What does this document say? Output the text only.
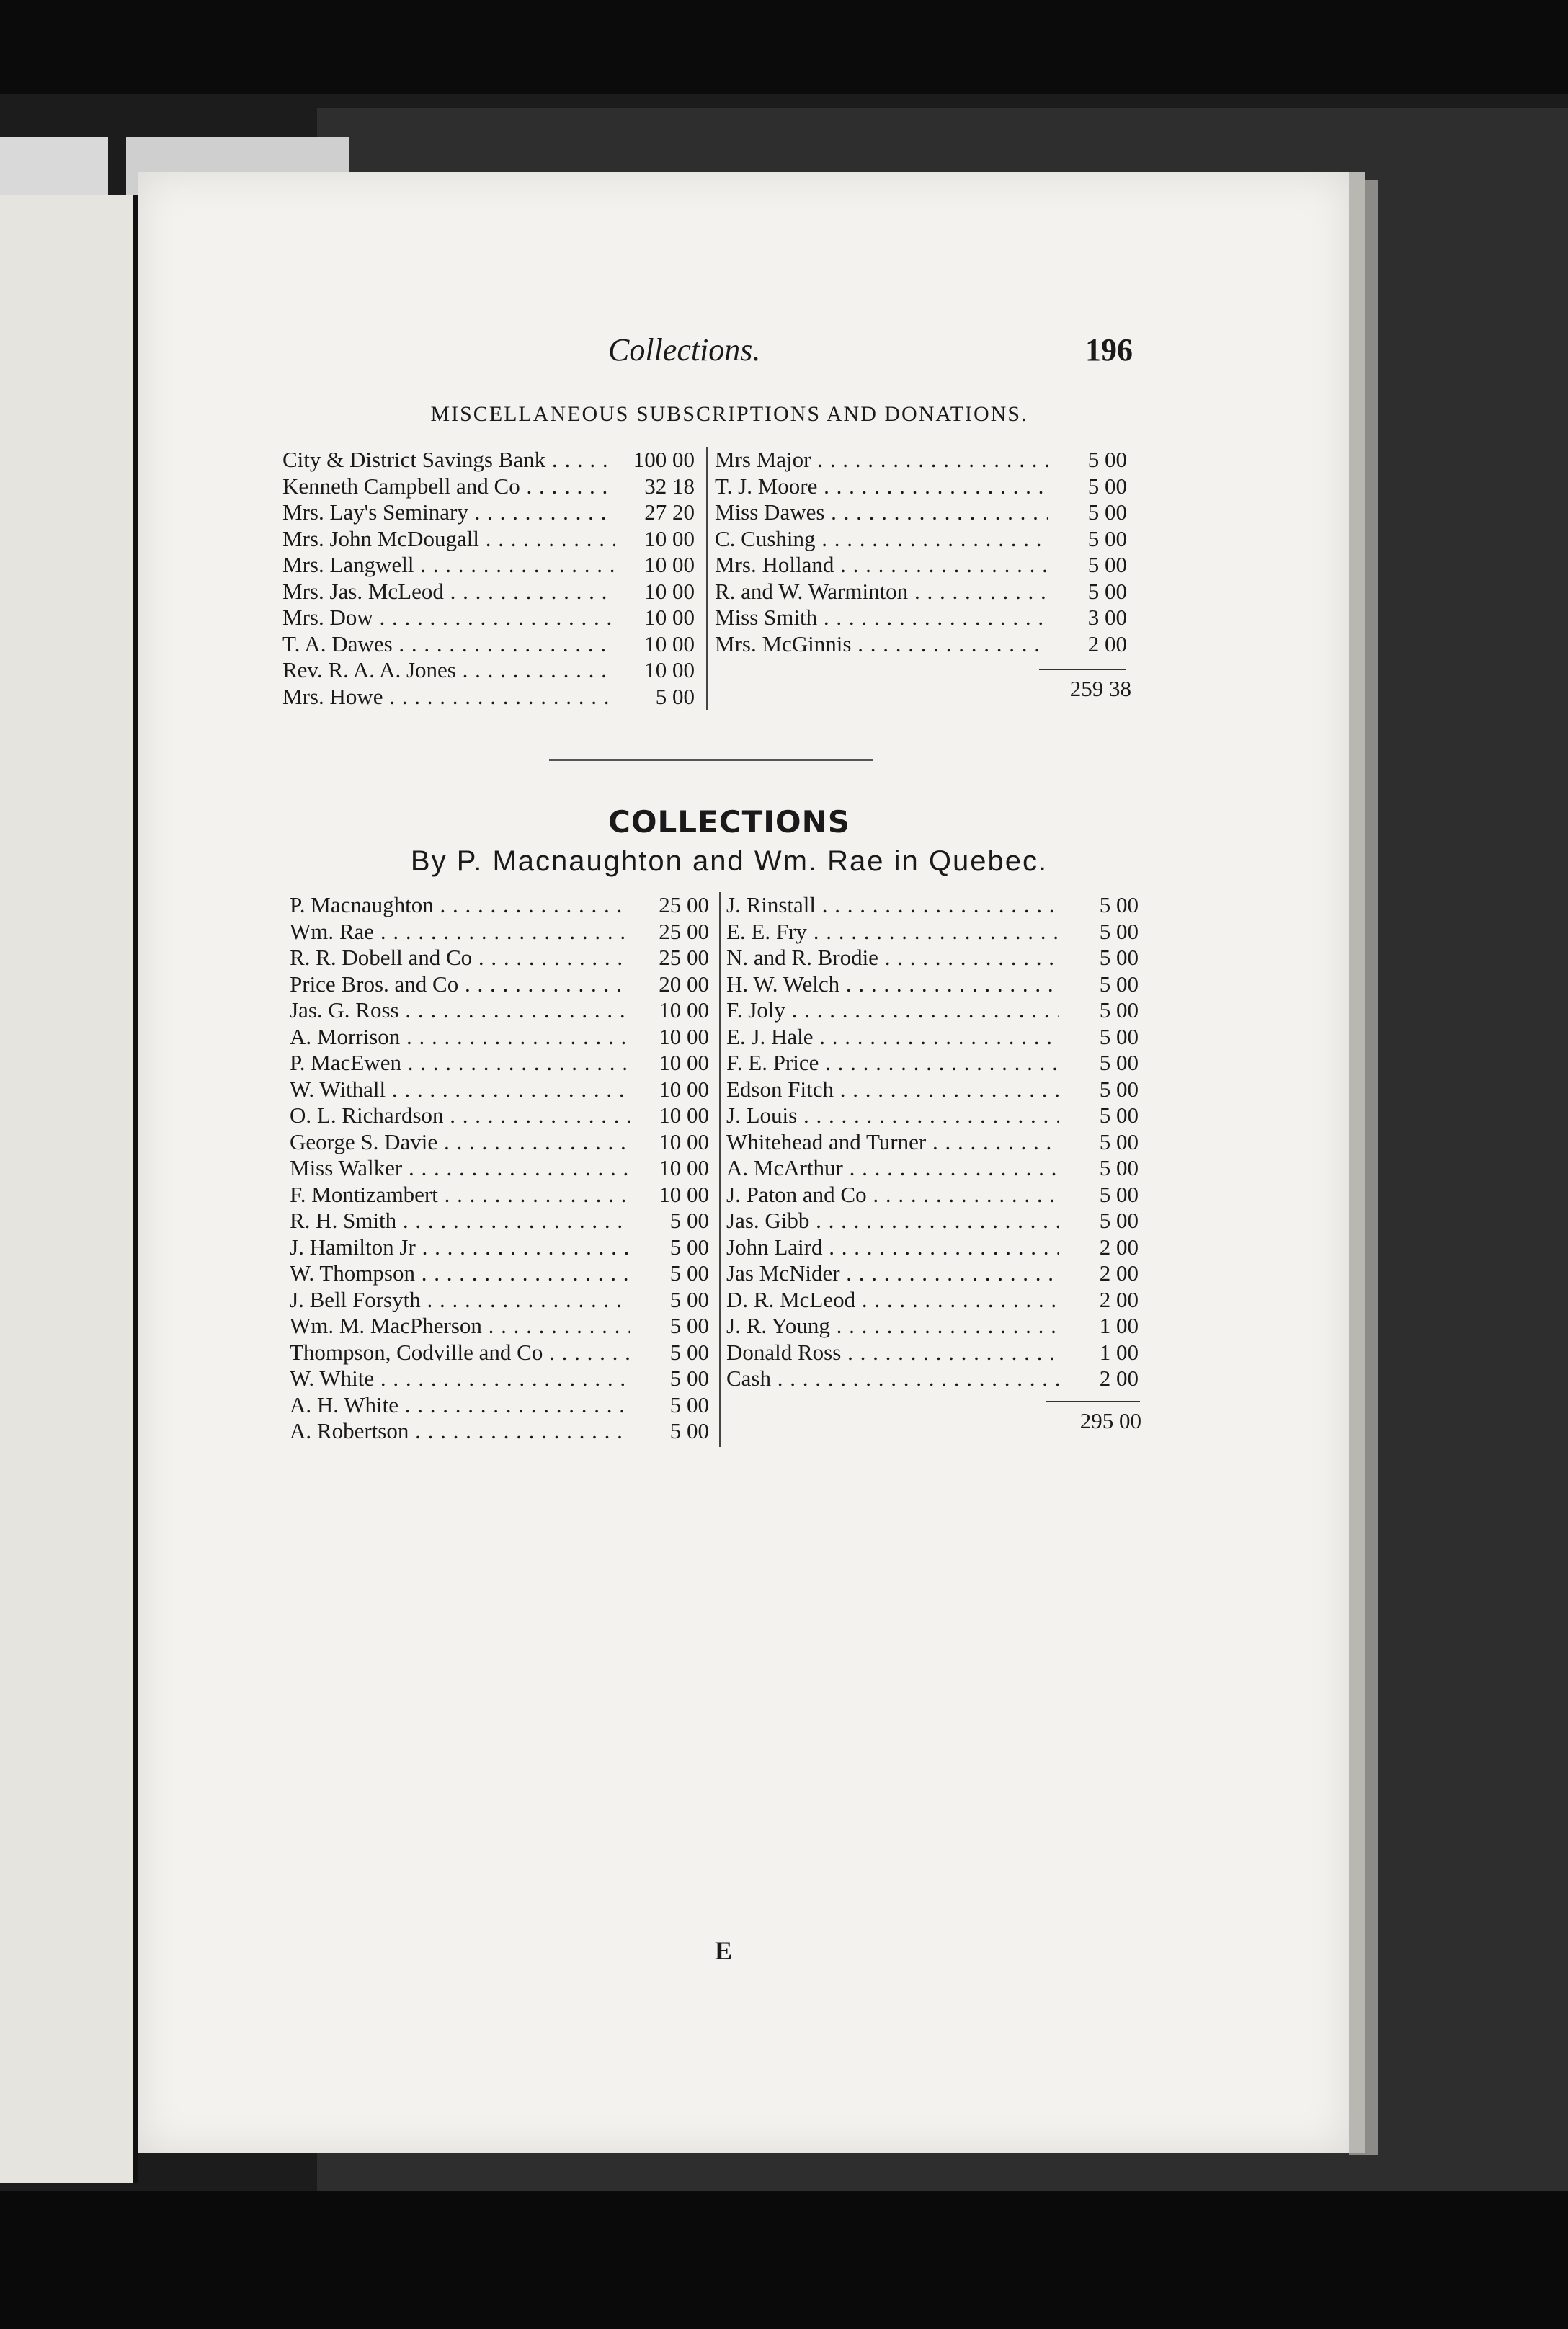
Collections.	196
MISCELLANEOUS SUBSCRIPTIONS AND DONATIONS.
City & District Savings Bank . . .	100 00
Kenneth Campbell and Co . . .	32 18
Mrs. Lay's Seminary . . .	27 20
Mrs. John McDougall . . .	10 00
Mrs. Langwell . . .	10 00
Mrs. Jas. McLeod . . .	10 00
Mrs. Dow . . .	10 00
T. A. Dawes . . .	10 00
Rev. R. A. A. Jones . . .	10 00
Mrs. Howe . . .	5 00
Mrs Major . . .	5 00
T. J. Moore . . .	5 00
Miss Dawes . . .	5 00
C. Cushing . . .	5 00
Mrs. Holland . . .	5 00
R. and W. Warminton . . .	5 00
Miss Smith . . .	3 00
Mrs. McGinnis . . .	2 00
259 38
COLLECTIONS
By P. Macnaughton and Wm. Rae in Quebec.
P. Macnaughton . . .	25 00
Wm. Rae . . .	25 00
R. R. Dobell and Co . . .	25 00
Price Bros. and Co . . .	20 00
Jas. G. Ross . . .	10 00
A. Morrison . . .	10 00
P. MacEwen . . .	10 00
W. Withall . . .	10 00
O. L. Richardson . . .	10 00
George S. Davie . . .	10 00
Miss Walker . . .	10 00
F. Montizambert . . .	10 00
R. H. Smith . . .	5 00
J. Hamilton Jr . . .	5 00
W. Thompson . . .	5 00
J. Bell Forsyth . . .	5 00
Wm. M. MacPherson . . .	5 00
Thompson, Codville and Co . . .	5 00
W. White . . .	5 00
A. H. White . . .	5 00
A. Robertson . . .	5 00
J. Rinstall . . .	5 00
E. E. Fry . . .	5 00
N. and R. Brodie . . .	5 00
H. W. Welch . . .	5 00
F. Joly . . .	5 00
E. J. Hale . . .	5 00
F. E. Price . . .	5 00
Edson Fitch . . .	5 00
J. Louis . . .	5 00
Whitehead and Turner . . .	5 00
A. McArthur . . .	5 00
J. Paton and Co . . .	5 00
Jas. Gibb . . .	5 00
John Laird . . .	2 00
Jas McNider . . .	2 00
D. R. McLeod . . .	2 00
J. R. Young . . .	1 00
Donald Ross . . .	1 00
Cash . . .	2 00
295 00
E
